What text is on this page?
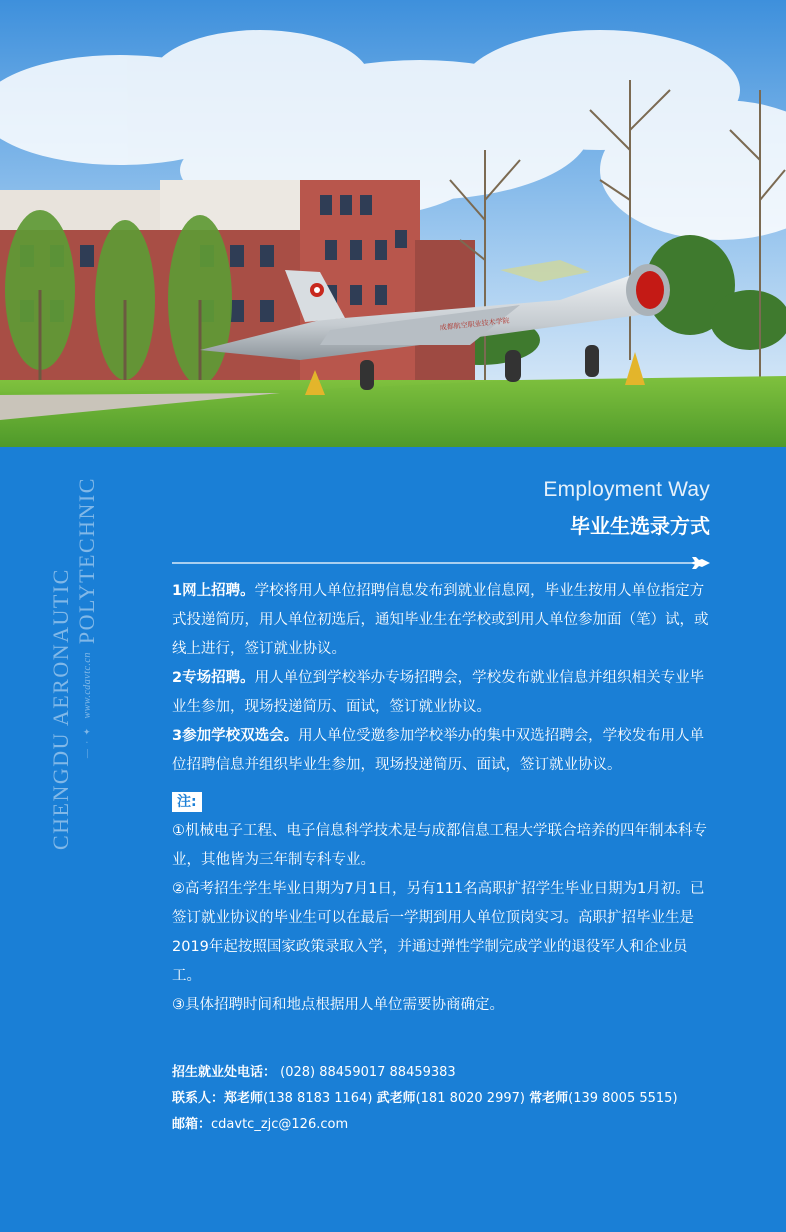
成都航空职业技术学院
Employment Way
毕业生选录方式
CHENGDU AERONAUTIC — · ✦
www.cdavtc.cn
POLYTECHNIC	1网上招聘。学校将用人单位招聘信息发布到就业信息网，毕业生按用人单位指定方式投递简历，用人单位初选后，通知毕业生在学校或到用人单位参加面（笔）试，或线上进行，签订就业协议。

2专场招聘。用人单位到学校举办专场招聘会，学校发布就业信息并组织相关专业毕业生参加，现场投递简历、面试，签订就业协议。

3参加学校双选会。用人单位受邀参加学校举办的集中双选招聘会，学校发布用人单位招聘信息并组织毕业生参加，现场投递简历、面试，签订就业协议。

注:

①机械电子工程、电子信息科学技术是与成都信息工程大学联合培养的四年制本科专业，其他皆为三年制专科专业。

②高考招生学生毕业日期为7月1日，另有111名高职扩招学生毕业日期为1月初。已签订就业协议的毕业生可以在最后一学期到用人单位顶岗实习。高职扩招毕业生是2019年起按照国家政策录取入学，并通过弹性学制完成学业的退役军人和企业员工。

③具体招聘时间和地点根据用人单位需要协商确定。

招生就业处电话： (028) 88459017 88459383
联系人：郑老师(138 8183 1164) 武老师(181 8020 2997) 常老师(139 8005 5515)
邮箱：cdavtc_zjc@126.com
